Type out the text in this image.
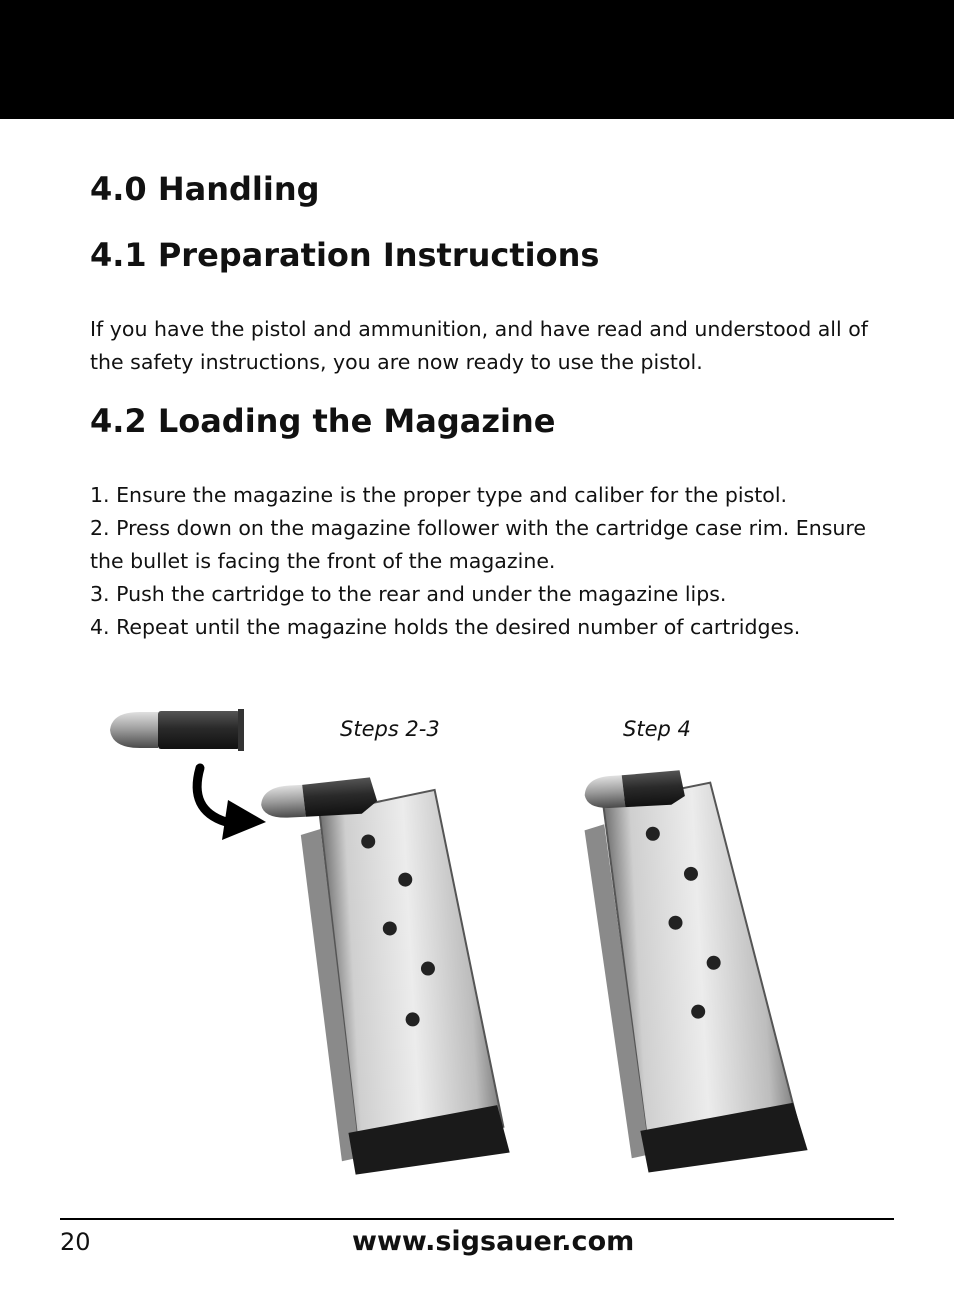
4.0 Handling
4.1 Preparation Instructions

If you have the pistol and ammunition, and have read and understood all of the safety instructions, you are now ready to use the pistol.

4.2 Loading the Magazine
1. Ensure the magazine is the proper type and caliber for the pistol.
2. Press down on the magazine follower with the cartridge case rim. Ensure the bullet is facing the front of the magazine.
3. Push the cartridge to the rear and under the magazine lips.
4. Repeat until the magazine holds the desired number of cartridges.
Steps 2-3	Step 4
20	www.sigsauer.com
